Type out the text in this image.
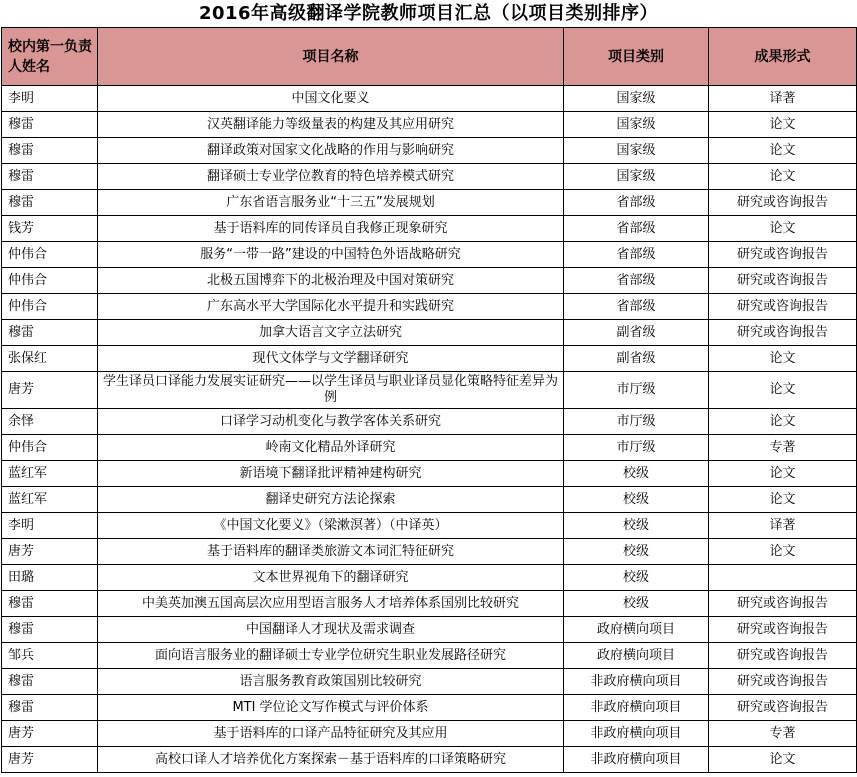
2016年高级翻译学院教师项目汇总（以项目类别排序）
校内第一负责人姓名	项目名称	项目类别	成果形式
李明	中国文化要义	国家级	译著
穆雷	汉英翻译能力等级量表的构建及其应用研究	国家级	论文
穆雷	翻译政策对国家文化战略的作用与影响研究	国家级	论文
穆雷	翻译硕士专业学位教育的特色培养模式研究	国家级	论文
穆雷	广东省语言服务业“十三五”发展规划	省部级	研究或咨询报告
钱芳	基于语料库的同传译员自我修正现象研究	省部级	论文
仲伟合	服务“一带一路”建设的中国特色外语战略研究	省部级	研究或咨询报告
仲伟合	北极五国博弈下的北极治理及中国对策研究	省部级	研究或咨询报告
仲伟合	广东高水平大学国际化水平提升和实践研究	省部级	研究或咨询报告
穆雷	加拿大语言文字立法研究	副省级	研究或咨询报告
张保红	现代文体学与文学翻译研究	副省级	论文
唐芳	学生译员口译能力发展实证研究——以学生译员与职业译员显化策略特征差异为例	市厅级	论文
余怿	口译学习动机变化与教学客体关系研究	市厅级	论文
仲伟合	岭南文化精品外译研究	市厅级	专著
蓝红军	新语境下翻译批评精神建构研究	校级	论文
蓝红军	翻译史研究方法论探索	校级	论文
李明	《中国文化要义》（梁漱溟著）（中译英）	校级	译著
唐芳	基于语料库的翻译类旅游文本词汇特征研究	校级	论文
田璐	文本世界视角下的翻译研究	校级	
穆雷	中美英加澳五国高层次应用型语言服务人才培养体系国别比较研究	校级	研究或咨询报告
穆雷	中国翻译人才现状及需求调查	政府横向项目	研究或咨询报告
邹兵	面向语言服务业的翻译硕士专业学位研究生职业发展路径研究	政府横向项目	研究或咨询报告
穆雷	语言服务教育政策国别比较研究	非政府横向项目	研究或咨询报告
穆雷	MTI 学位论文写作模式与评价体系	非政府横向项目	研究或咨询报告
唐芳	基于语料库的口译产品特征研究及其应用	非政府横向项目	专著
唐芳	高校口译人才培养优化方案探索－基于语料库的口译策略研究	非政府横向项目	论文
